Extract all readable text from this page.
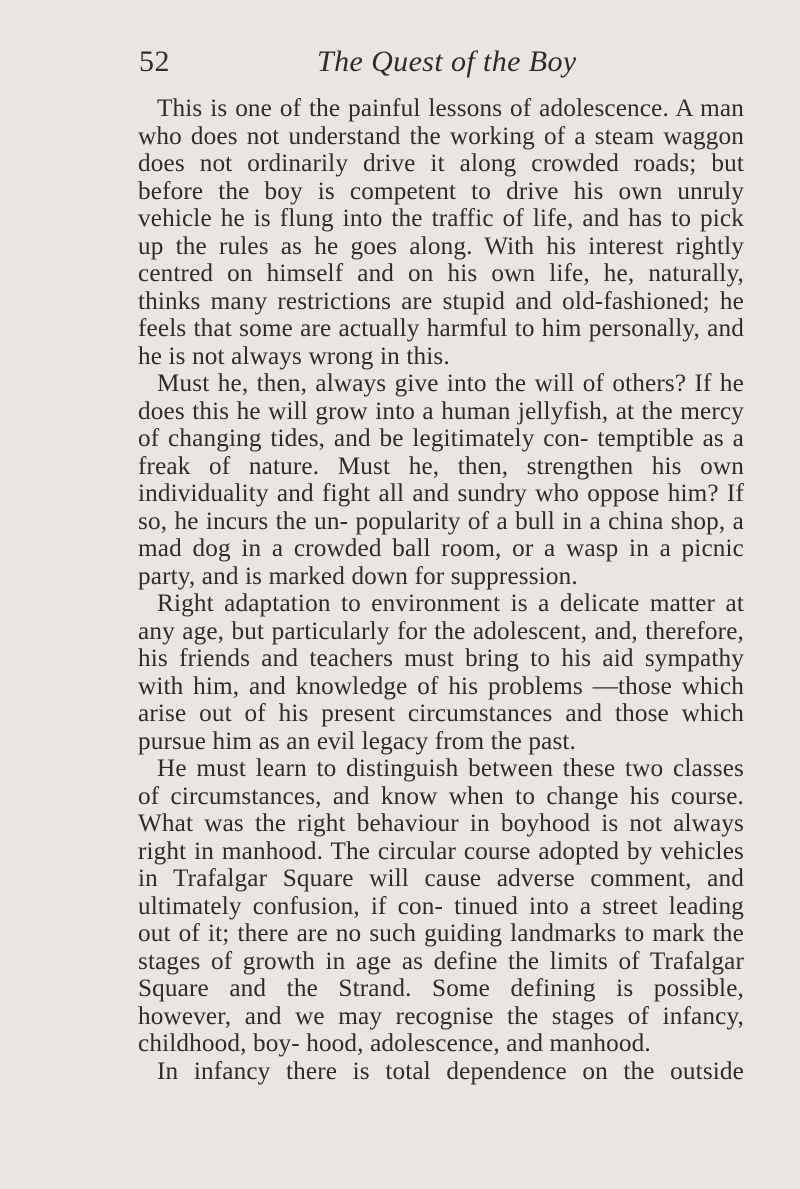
52	The Quest of the Boy

This is one of the painful lessons of adolescence. A man who does not understand the working of a steam waggon does not ordinarily drive it along crowded roads; but before the boy is competent to drive his own unruly vehicle he is flung into the traffic of life, and has to pick up the rules as he goes along. With his interest rightly centred on himself and on his own life, he, naturally, thinks many restrictions are stupid and old-fashioned; he feels that some are actually harmful to him personally, and he is not always wrong in this.

Must he, then, always give into the will of others? If he does this he will grow into a human jellyfish, at the mercy of changing tides, and be legitimately con- temptible as a freak of nature. Must he, then, strengthen his own individuality and fight all and sundry who oppose him? If so, he incurs the un- popularity of a bull in a china shop, a mad dog in a crowded ball room, or a wasp in a picnic party, and is marked down for suppression.

Right adaptation to environment is a delicate matter at any age, but particularly for the adolescent, and, therefore, his friends and teachers must bring to his aid sympathy with him, and knowledge of his problems —those which arise out of his present circumstances and those which pursue him as an evil legacy from the past.

He must learn to distinguish between these two classes of circumstances, and know when to change his course. What was the right behaviour in boyhood is not always right in manhood. The circular course adopted by vehicles in Trafalgar Square will cause adverse comment, and ultimately confusion, if con- tinued into a street leading out of it; there are no such guiding landmarks to mark the stages of growth in age as define the limits of Trafalgar Square and the Strand. Some defining is possible, however, and we may recognise the stages of infancy, childhood, boy- hood, adolescence, and manhood.

In infancy there is total dependence on the outside
